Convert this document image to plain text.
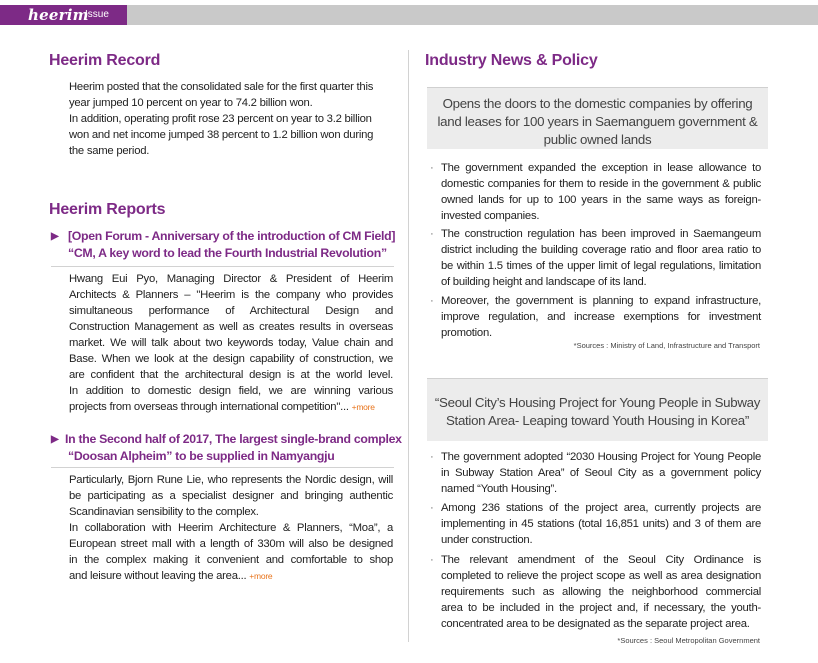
heerim
Issue
Heerim Record
Heerim posted that the consolidated sale for the first quarter this
year jumped 10 percent on year to 74.2 billion won.
In addition, operating profit rose 23 percent on year to 3.2 billion
won and net income jumped 38 percent to 1.2 billion won during
the same period.
Heerim Reports
▶ [Open Forum - Anniversary of the introduction of CM Field]
“CM, A key word to lead the Fourth Industrial Revolution”
Hwang Eui Pyo, Managing Director & President of Heerim
Architects & Planners – "Heerim is the company who provides
simultaneous performance of Architectural Design and
Construction Management as well as creates results in overseas
market. We will talk about two keywords today, Value chain and
Base. When we look at the design capability of construction, we
are confident that the architectural design is at the world level.
In addition to domestic design field, we are winning various
projects from overseas through international competition"... +more
▶ In the Second half of 2017, The largest single-brand complex
“Doosan Alpheim” to be supplied in Namyangju
Particularly, Bjorn Rune Lie, who represents the Nordic design, will
be participating as a specialist designer and bringing authentic
Scandinavian sensibility to the complex.
In collaboration with Heerim Architecture & Planners, “Moa”, a
European street mall with a length of 330m will also be designed
in the complex making it convenient and comfortable to shop
and leisure without leaving the area... +more
Industry News & Policy
Opens the doors to the domestic companies by offering
land leases for 100 years in Saemanguem government &
public owned lands
· The government expanded the exception in lease allowance to
domestic companies for them to reside in the government & public
owned lands for up to 100 years in the same ways as foreign-
invested companies.
· The construction regulation has been improved in Saemangeum
district including the building coverage ratio and floor area ratio to
be within 1.5 times of the upper limit of legal regulations, limitation
of building height and landscape of its land.
· Moreover, the government is planning to expand infrastructure,
improve regulation, and increase exemptions for investment
promotion.
*Sources : Ministry of Land, Infrastructure and Transport
“Seoul City’s Housing Project for Young People in Subway
Station Area- Leaping toward Youth Housing in Korea”
· The government adopted “2030 Housing Project for Young People
in Subway Station Area” of Seoul City as a government policy
named “Youth Housing”.
· Among 236 stations of the project area, currently projects are
implementing in 45 stations (total 16,851 units) and 3 of them are
under construction.
· The relevant amendment of the Seoul City Ordinance is
completed to relieve the project scope as well as area designation
requirements such as allowing the neighborhood commercial
area to be included in the project and, if necessary, the youth-
concentrated area to be designated as the separate project area.
*Sources : Seoul Metropolitan Government
